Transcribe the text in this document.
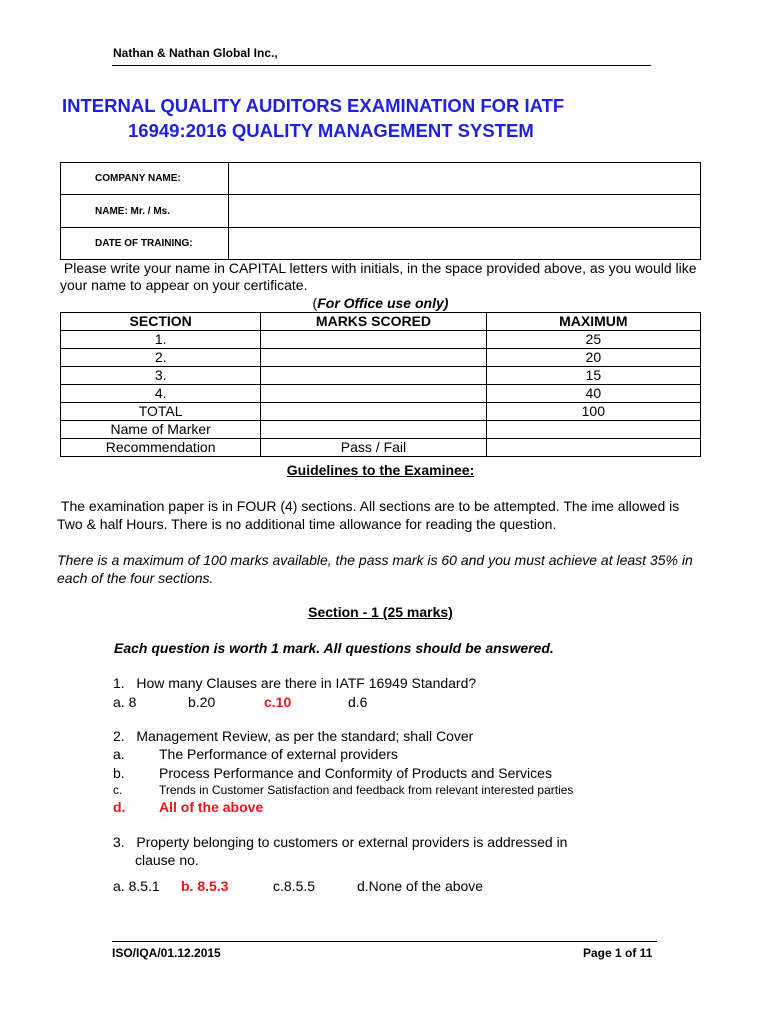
Nathan & Nathan Global Inc.,
INTERNAL QUALITY AUDITORS EXAMINATION FOR IATF
16949:2016 QUALITY MANAGEMENT SYSTEM
COMPANY NAME:	
NAME: Mr. / Ms.	
DATE OF TRAINING:	
Please write your name in CAPITAL letters with initials, in the space provided above, as you would like your name to appear on your certificate.
(For Office use only)
SECTION	MARKS SCORED	MAXIMUM
1.		25
2.		20
3.		15
4.		40
TOTAL		100
Name of Marker		
Recommendation	Pass / Fail	
Guidelines to the Examinee:
The examination paper is in FOUR (4) sections. All sections are to be attempted. The ime allowed is Two & half Hours. There is no additional time allowance for reading the question.
There is a maximum of 100 marks available, the pass mark is 60 and you must achieve at least 35% in each of the four sections.
Section - 1 (25 marks)
Each question is worth 1 mark. All questions should be answered.
1. How many Clauses are there in IATF 16949 Standard?
a. 8	b.20	c.10	d.6
2. Management Review, as per the standard; shall Cover
a. The Performance of external providers
b. Process Performance and Conformity of Products and Services
c.	Trends in Customer Satisfaction and feedback from relevant interested parties
d. All of the above
3. Property belonging to customers or external providers is addressed in
clause no.
a. 8.5.1 b. 8.5.3	c.8.5.5	d.None of the above
ISO/IQA/01.12.2015	Page 1 of 11
